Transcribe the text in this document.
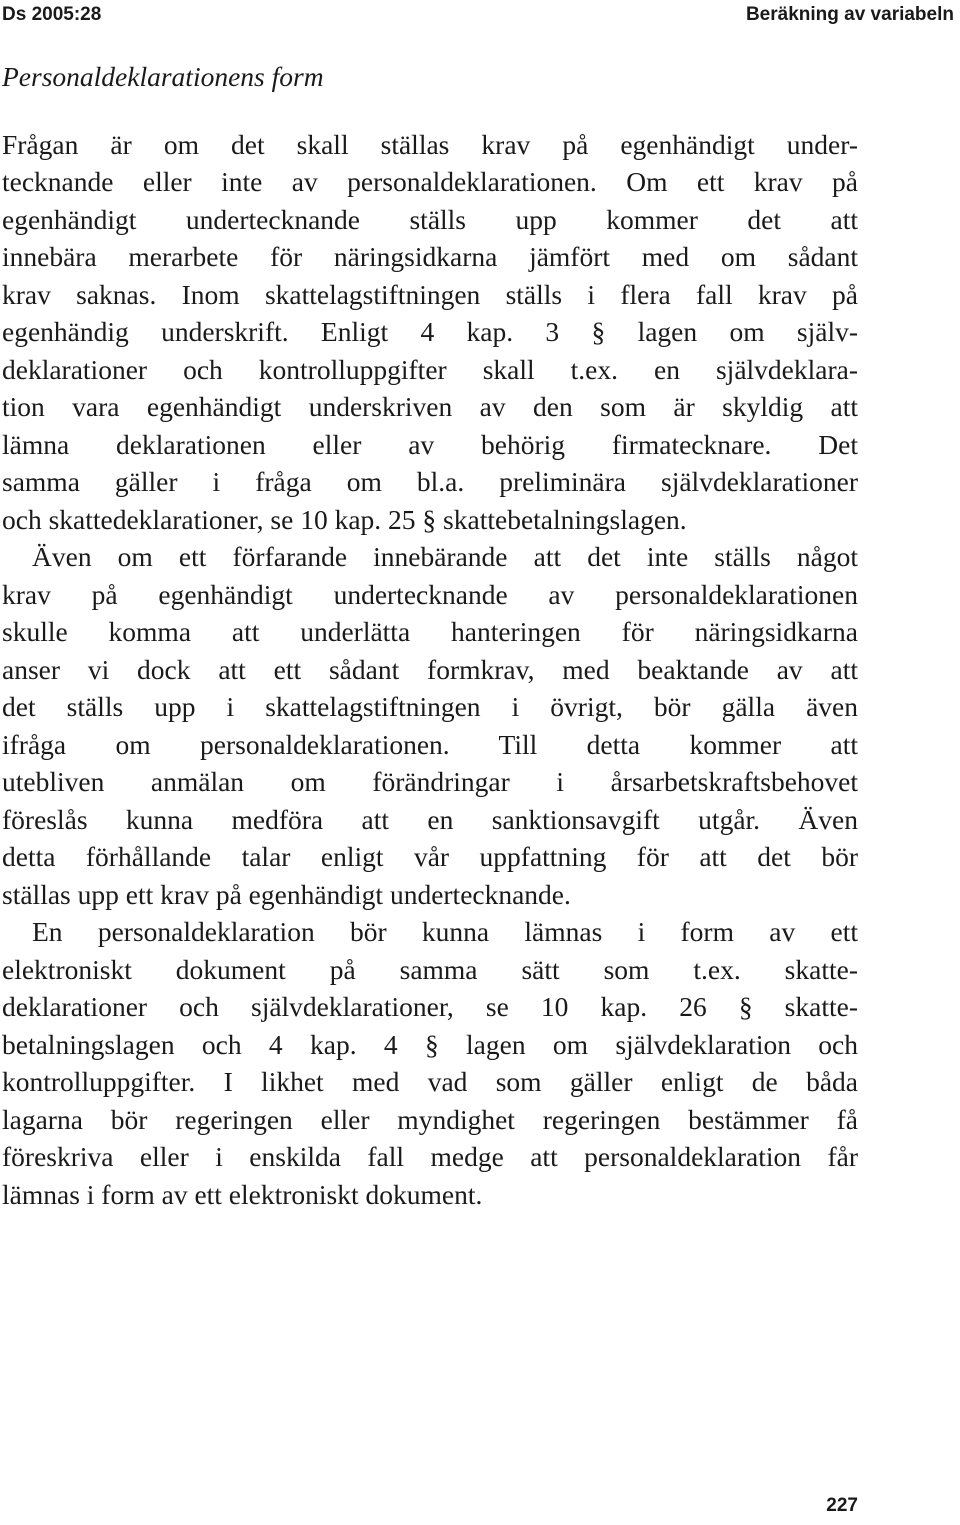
Ds 2005:28	Beräkning av variabeln
Personaldeklarationens form
Frågan är om det skall ställas krav på egenhändigt under-
tecknande eller inte av personaldeklarationen. Om ett krav på
egenhändigt undertecknande ställs upp kommer det att
innebära merarbete för näringsidkarna jämfört med om sådant
krav saknas. Inom skattelagstiftningen ställs i flera fall krav på
egenhändig underskrift. Enligt 4 kap. 3 § lagen om själv-
deklarationer och kontrolluppgifter skall t.ex. en självdeklara-
tion vara egenhändigt underskriven av den som är skyldig att
lämna deklarationen eller av behörig firmatecknare. Det
samma gäller i fråga om bl.a. preliminära självdeklarationer
och skattedeklarationer, se 10 kap. 25 § skattebetalningslagen.
Även om ett förfarande innebärande att det inte ställs något
krav på egenhändigt undertecknande av personaldeklarationen
skulle komma att underlätta hanteringen för näringsidkarna
anser vi dock att ett sådant formkrav, med beaktande av att
det ställs upp i skattelagstiftningen i övrigt, bör gälla även
ifråga om personaldeklarationen. Till detta kommer att
utebliven anmälan om förändringar i årsarbetskraftsbehovet
föreslås kunna medföra att en sanktionsavgift utgår. Även
detta förhållande talar enligt vår uppfattning för att det bör
ställas upp ett krav på egenhändigt undertecknande.
En personaldeklaration bör kunna lämnas i form av ett
elektroniskt dokument på samma sätt som t.ex. skatte-
deklarationer och självdeklarationer, se 10 kap. 26 § skatte-
betalningslagen och 4 kap. 4 § lagen om självdeklaration och
kontrolluppgifter. I likhet med vad som gäller enligt de båda
lagarna bör regeringen eller myndighet regeringen bestämmer få
föreskriva eller i enskilda fall medge att personaldeklaration får
lämnas i form av ett elektroniskt dokument.
227
